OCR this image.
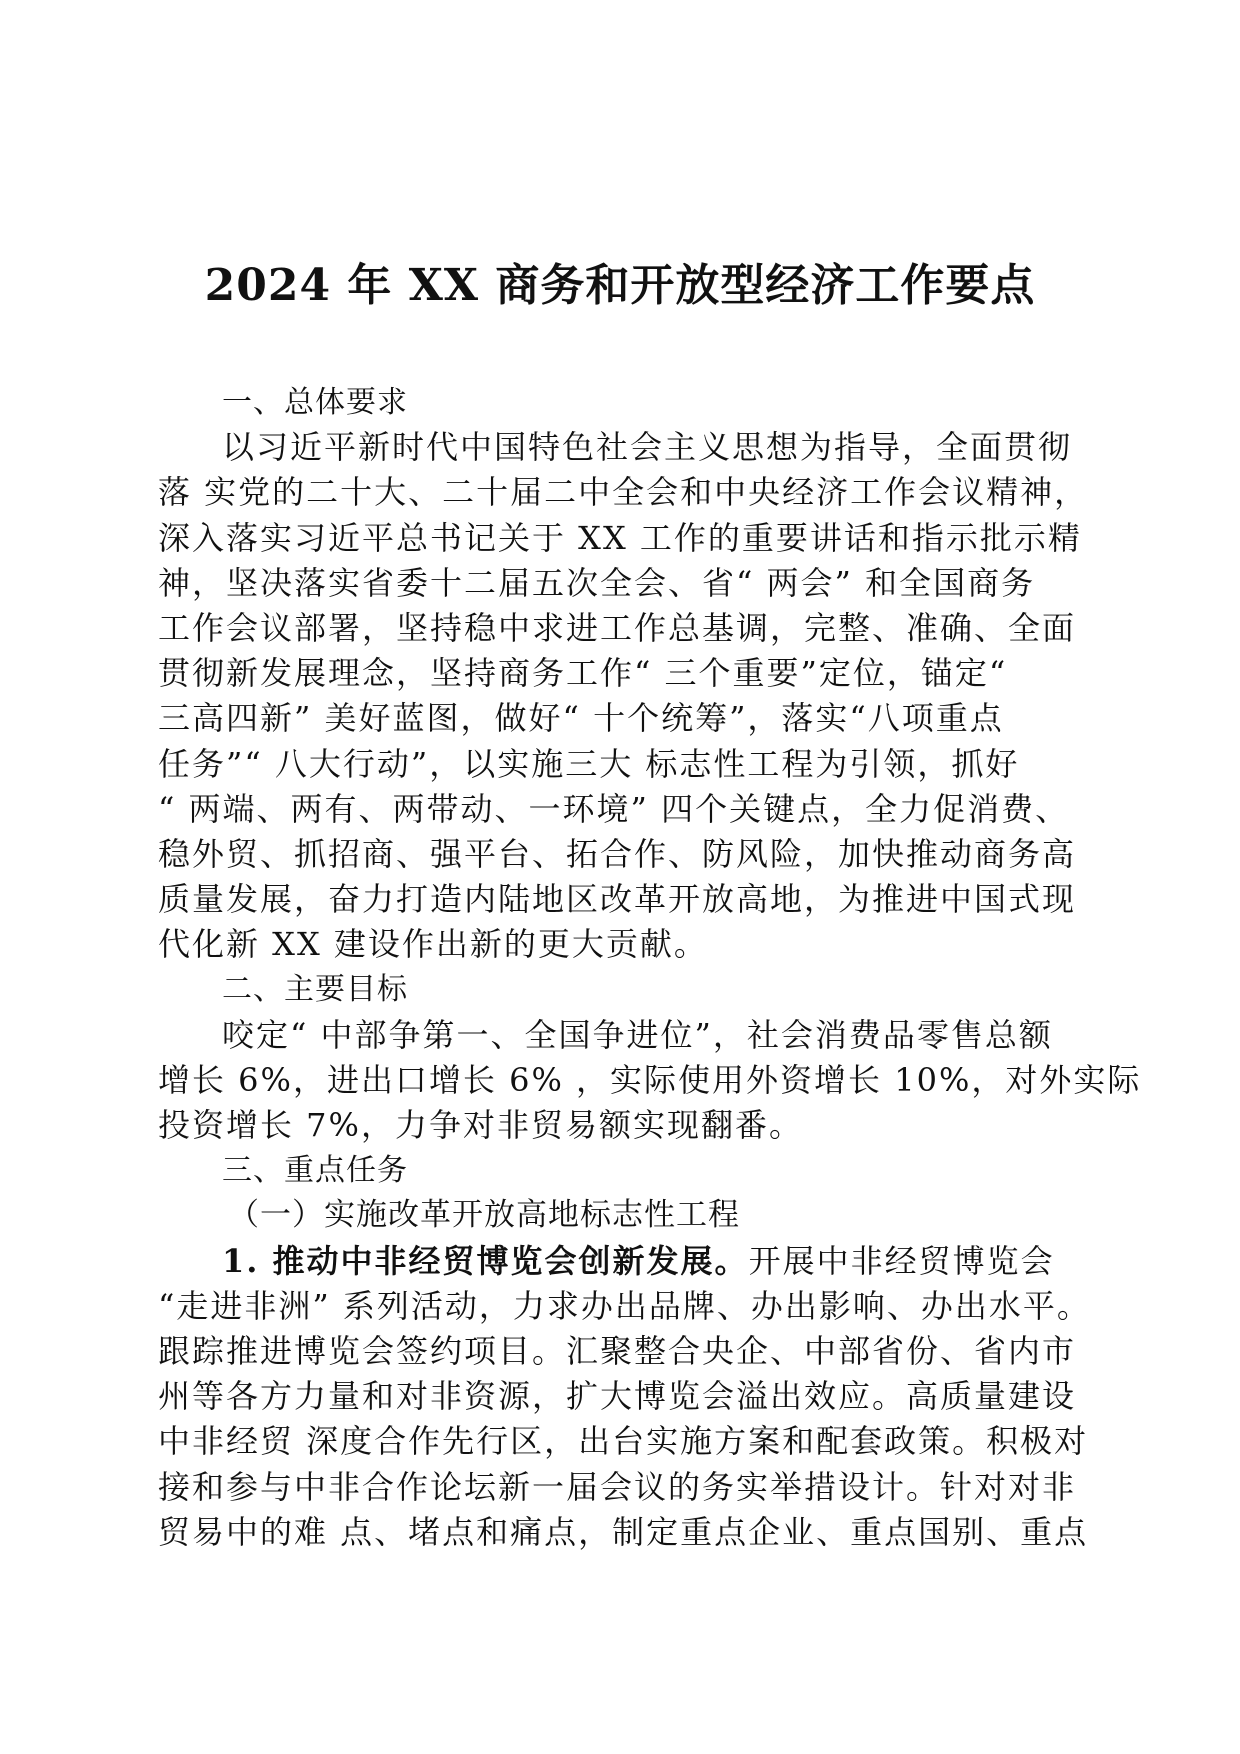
2024 年 XX 商务和开放型经济工作要点
一、总体要求
以习近平新时代中国特色社会主义思想为指导，全面贯彻
落 实党的二十大、二十届二中全会和中央经济工作会议精神，
深入落实习近平总书记关于 XX 工作的重要讲话和指示批示精
神，坚决落实省委十二届五次全会、省“ 两会” 和全国商务
工作会议部署，坚持稳中求进工作总基调，完整、准确、全面
贯彻新发展理念，坚持商务工作“ 三个重要”定位，锚定“
三高四新” 美好蓝图，做好“ 十个统筹”，落实“八项重点
任务”“ 八大行动”，以实施三大 标志性工程为引领，抓好
“ 两端、两有、两带动、一环境” 四个关键点，全力促消费、
稳外贸、抓招商、强平台、拓合作、防风险，加快推动商务高
质量发展，奋力打造内陆地区改革开放高地，为推进中国式现
代化新 XX 建设作出新的更大贡献。
二、主要目标
咬定“ 中部争第一、全国争进位”，社会消费品零售总额
增长 6%，进出口增长 6% ，实际使用外资增长 10%，对外实际
投资增长 7%，力争对非贸易额实现翻番。
三、重点任务
（一）实施改革开放高地标志性工程
1. 推动中非经贸博览会创新发展。开展中非经贸博览会
“走进非洲” 系列活动，力求办出品牌、办出影响、办出水平。
跟踪推进博览会签约项目。汇聚整合央企、中部省份、省内市
州等各方力量和对非资源，扩大博览会溢出效应。高质量建设
中非经贸 深度合作先行区，出台实施方案和配套政策。积极对
接和参与中非合作论坛新一届会议的务实举措设计。针对对非
贸易中的难 点、堵点和痛点，制定重点企业、重点国别、重点
